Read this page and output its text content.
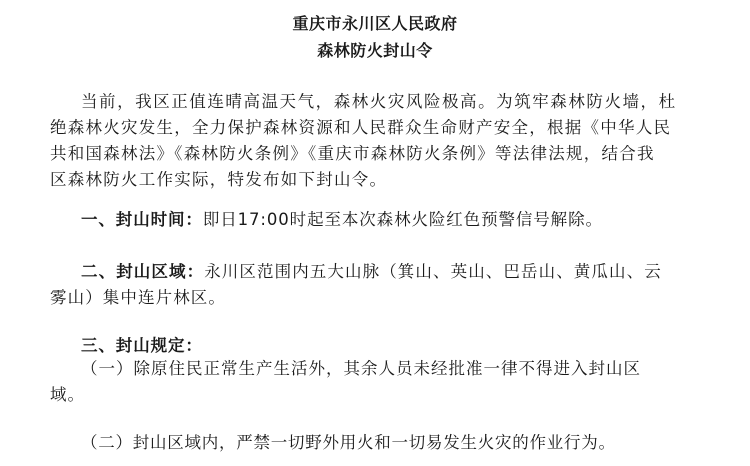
重庆市永川区人民政府
森林防火封山令
当前，我区正值连晴高温天气，森林火灾风险极高。为筑牢森林防火墙，杜
绝森林火灾发生，全力保护森林资源和人民群众生命财产安全，根据《中华人民
共和国森林法》《森林防火条例》《重庆市森林防火条例》等法律法规，结合我
区森林防火工作实际，特发布如下封山令。
一、封山时间：即日17:00时起至本次森林火险红色预警信号解除。
二、封山区域：永川区范围内五大山脉（箕山、英山、巴岳山、黄瓜山、云
雾山）集中连片林区。
三、封山规定：
（一）除原住民正常生产生活外，其余人员未经批准一律不得进入封山区
域。
（二）封山区域内，严禁一切野外用火和一切易发生火灾的作业行为。
